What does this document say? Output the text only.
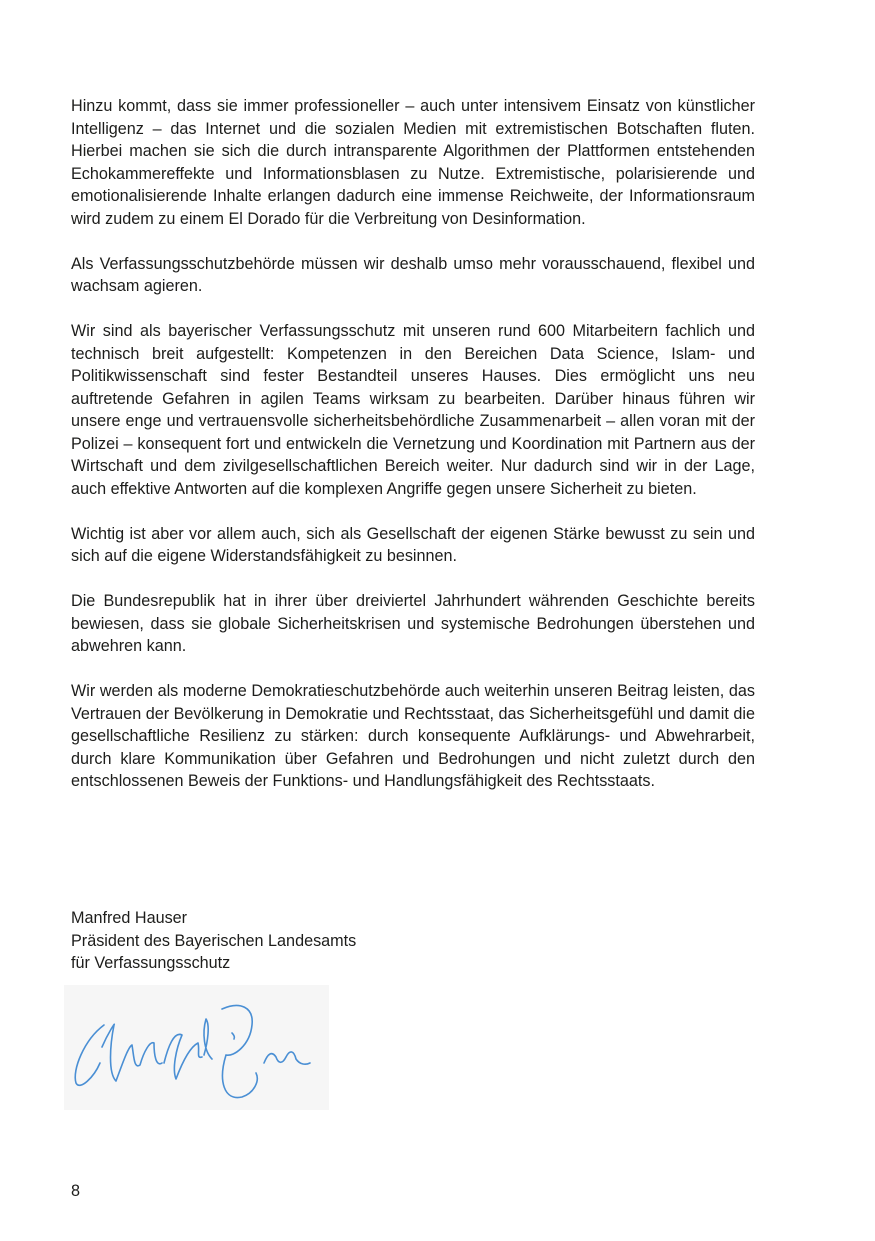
Hinzu kommt, dass sie immer professioneller – auch unter intensivem Einsatz von künstlicher Intelligenz – das Internet und die sozialen Medien mit extremistischen Botschaften fluten. Hierbei machen sie sich die durch intransparente Algorithmen der Plattformen entstehenden Echokammereffekte und Informationsblasen zu Nutze. Extremistische, polarisierende und emotionalisierende Inhalte erlangen dadurch eine immense Reichweite, der Informationsraum wird zudem zu einem El Dorado für die Verbreitung von Desinformation.

Als Verfassungsschutzbehörde müssen wir deshalb umso mehr vorausschauend, flexibel und wachsam agieren.

Wir sind als bayerischer Verfassungsschutz mit unseren rund 600 Mitarbeitern fachlich und technisch breit aufgestellt: Kompetenzen in den Bereichen Data Science, Islam- und Politikwissenschaft sind fester Bestandteil unseres Hauses. Dies ermöglicht uns neu auftretende Gefahren in agilen Teams wirksam zu bearbeiten. Darüber hinaus führen wir unsere enge und vertrauensvolle sicherheitsbehördliche Zusammenarbeit – allen voran mit der Polizei – konsequent fort und entwickeln die Vernetzung und Koordination mit Partnern aus der Wirtschaft und dem zivilgesellschaftlichen Bereich weiter. Nur dadurch sind wir in der Lage, auch effektive Antworten auf die komplexen Angriffe gegen unsere Sicherheit zu bieten.

Wichtig ist aber vor allem auch, sich als Gesellschaft der eigenen Stärke bewusst zu sein und sich auf die eigene Widerstandsfähigkeit zu besinnen.

Die Bundesrepublik hat in ihrer über dreiviertel Jahrhundert währenden Geschichte bereits bewiesen, dass sie globale Sicherheitskrisen und systemische Bedrohungen überstehen und abwehren kann.

Wir werden als moderne Demokratieschutzbehörde auch weiterhin unseren Beitrag leisten, das Vertrauen der Bevölkerung in Demokratie und Rechtsstaat, das Sicherheitsgefühl und damit die gesellschaftliche Resilienz zu stärken: durch konsequente Aufklärungs- und Abwehrarbeit, durch klare Kommunikation über Gefahren und Bedrohungen und nicht zuletzt durch den entschlossenen Beweis der Funktions- und Handlungsfähigkeit des Rechtsstaats.

Manfred Hauser
Präsident des Bayerischen Landesamts
für Verfassungsschutz
8
